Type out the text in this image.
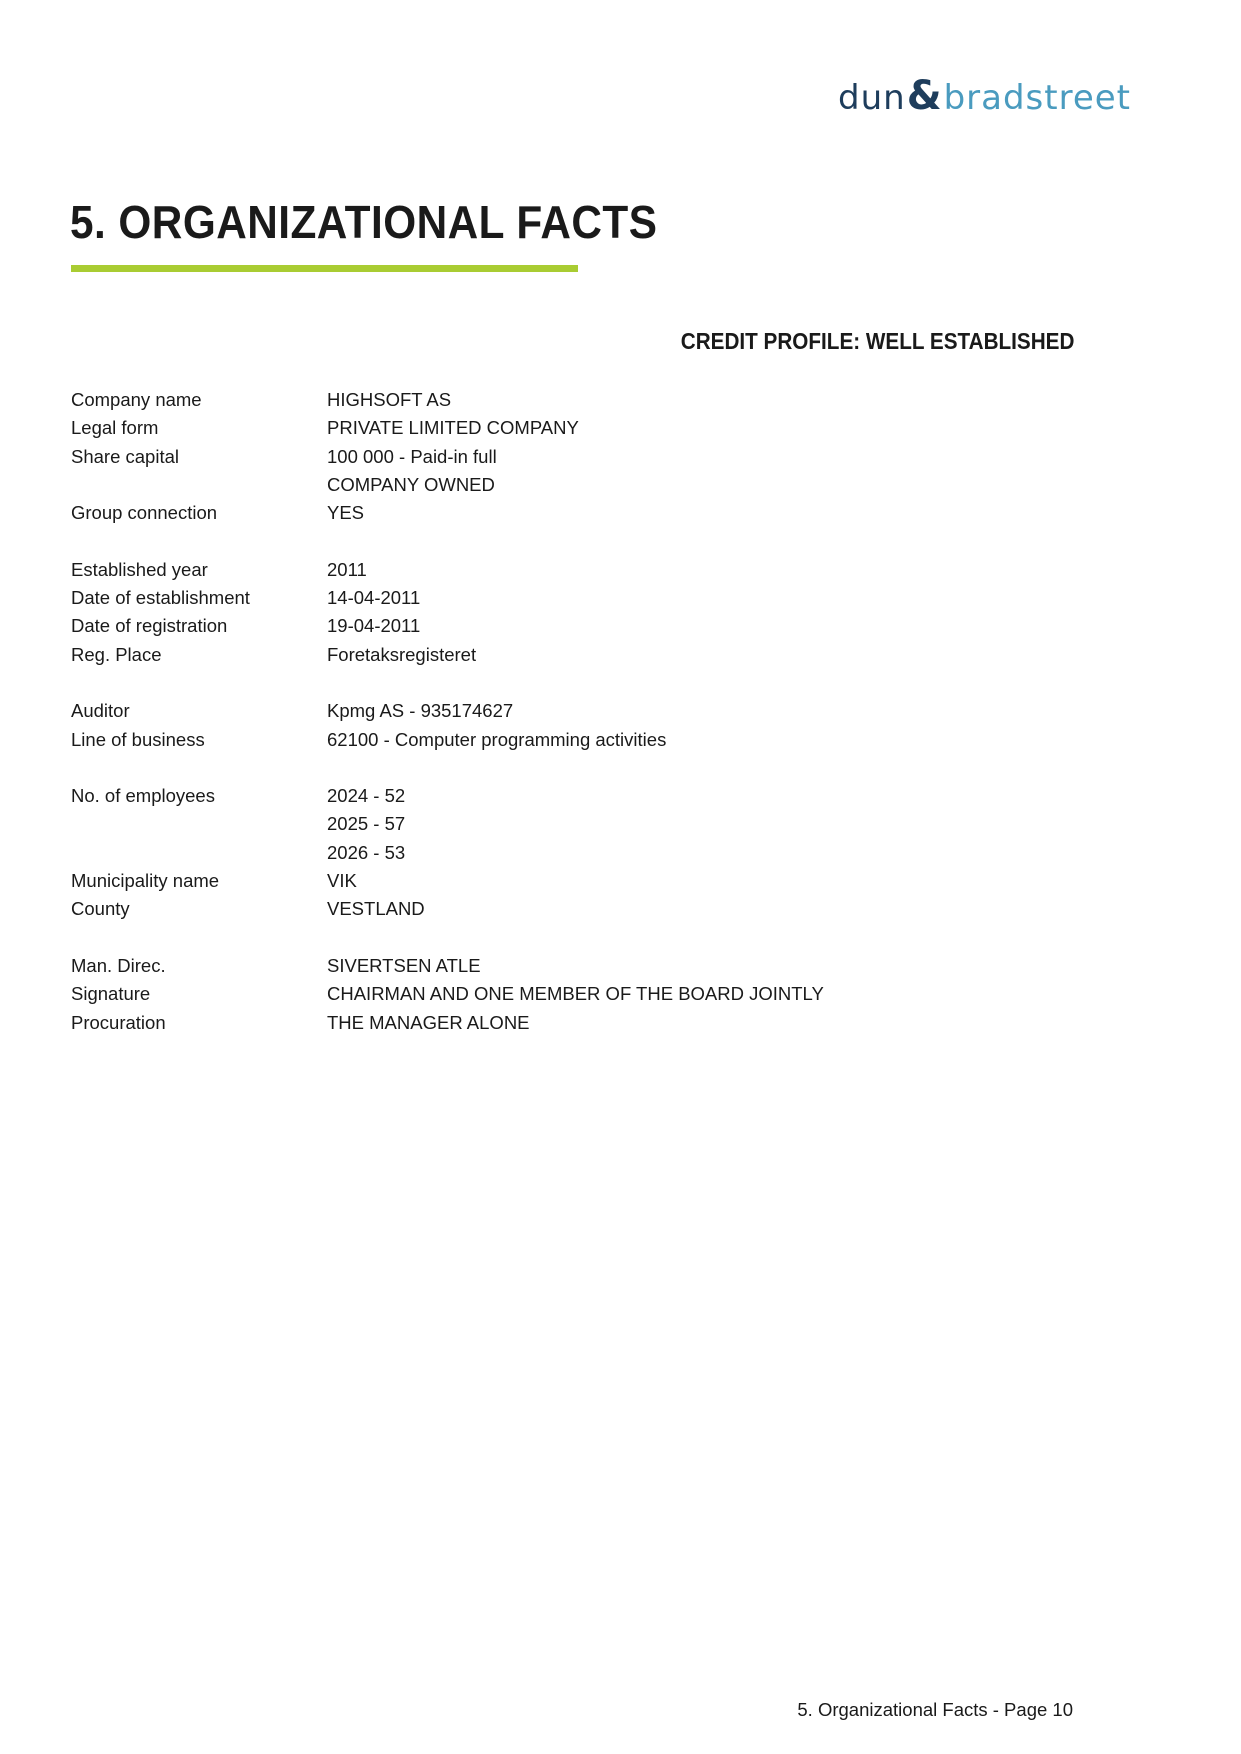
dun&bradstreet
5. ORGANIZATIONAL FACTS
CREDIT PROFILE: WELL ESTABLISHED
Company name	HIGHSOFT AS
Legal form	PRIVATE LIMITED COMPANY
Share capital	100 000 - Paid-in full
COMPANY OWNED
Group connection	YES
Established year	2011
Date of establishment	14-04-2011
Date of registration	19-04-2011
Reg. Place	Foretaksregisteret
Auditor	Kpmg AS - 935174627
Line of business	62100 - Computer programming activities
No. of employees	2024 - 52
2025 - 57
2026 - 53
Municipality name	VIK
County	VESTLAND
Man. Direc.	SIVERTSEN ATLE
Signature	CHAIRMAN AND ONE MEMBER OF THE BOARD JOINTLY
Procuration	THE MANAGER ALONE
5. Organizational Facts - Page 10
